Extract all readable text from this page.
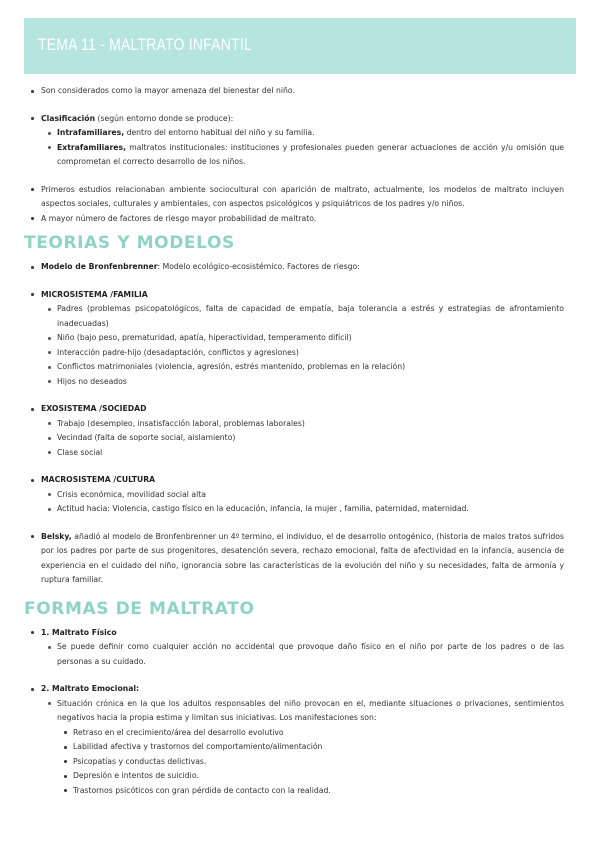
TEMA 11 - MALTRATO INFANTIL
Son considerados como la mayor amenaza del bienestar del niño.
Clasificación (según entorno donde se produce):
Intrafamiliares, dentro del entorno habitual del niño y su familia.
Extrafamiliares, maltratos institucionales: instituciones y profesionales pueden generar actuaciones de acción y/u omisión que comprometan el correcto desarrollo de los niños.
Primeros estudios relacionaban ambiente sociocultural con aparición de maltrato, actualmente, los modelos de maltrato incluyen aspectos sociales, culturales y ambientales, con aspectos psicológicos y psiquiátricos de los padres y/o niños.
A mayor número de factores de riesgo mayor probabilidad de maltrato.
TEORIAS Y MODELOS
Modelo de Bronfenbrenner: Modelo ecológico-ecosistémico. Factores de riesgo:
MICROSISTEMA /FAMILIA
Padres (problemas psicopatológicos, falta de capacidad de empatía, baja tolerancia a estrés y estrategias de afrontamiento inadecuadas)
Niño (bajo peso, prematuridad, apatía, hiperactividad, temperamento difícil)
Interacción padre-hijo (desadaptación, conflictos y agresiones)
Conflictos matrimoniales (violencia, agresión, estrés mantenido, problemas en la relación)
Hijos no deseados
EXOSISTEMA /SOCIEDAD
Trabajo (desempleo, insatisfacción laboral, problemas laborales)
Vecindad (falta de soporte social, aislamiento)
Clase social
MACROSISTEMA /CULTURA
Crisis económica, movilidad social alta
Actitud hacia: Violencia, castigo físico en la educación, infancia, la mujer , familia, paternidad, maternidad.
Belsky, añadió al modelo de Bronfenbrenner un 4º termino, el individuo, el de desarrollo ontogénico, (historia de malos tratos sufridos por los padres por parte de sus progenitores, desatención severa, rechazo emocional, falta de afectividad en la infancia, ausencia de experiencia en el cuidado del niño, ignorancia sobre las características de la evolución del niño y su necesidades, falta de armonía y ruptura familiar.
FORMAS DE MALTRATO
1. Maltrato Físico
Se puede definir como cualquier acción no accidental que provoque daño físico en el niño por parte de los padres o de las personas a su cuidado.
2. Maltrato Emocional:
Situación crónica en la que los adultos responsables del niño provocan en el, mediante situaciones o privaciones, sentimientos negativos hacia la propia estima y limitan sus iniciativas. Los manifestaciones son:
Retraso en el crecimiento/área del desarrollo evolutivo
Labilidad afectiva y trastornos del comportamiento/alimentación
Psicopatías y conductas delictivas.
Depresión e intentos de suicidio.
Trastornos psicóticos con gran pérdida de contacto con la realidad.
